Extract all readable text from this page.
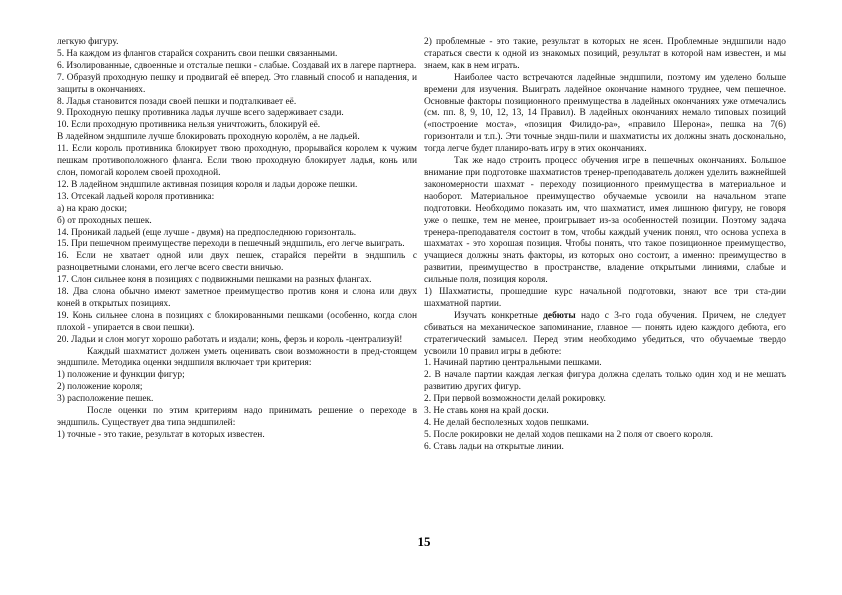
легкую фигуру.

5. На каждом из флангов старайся сохранить свои пешки связанными.

6. Изолированные, сдвоенные и отсталые пешки - слабые. Создавай их в лагере партнера.

7. Образуй проходную пешку и продвигай её вперед. Это главный способ и нападения, и защиты в окончаниях.

8. Ладья становится позади своей пешки и подталкивает её.

9. Проходную пешку противника ладья лучше всего задерживает сзади.

10. Если проходную противника нельзя уничтожить, блокируй её.

В ладейном эндшпиле лучше блокировать проходную королём, а не ладьей.

11. Если король противника блокирует твою проходную, прорывайся королем к чужим пешкам противоположного фланга. Если твою проходную блокирует ладья, конь или слон, помогай королем своей проходной.

12. В ладейном эндшпиле активная позиция короля и ладьи дороже пешки.

13. Отсекай ладьей короля противника:

а) на краю доски;

б) от проходных пешек.

14. Проникай ладьей (еще лучше - двумя) на предпоследнюю горизонталь.

15. При пешечном преимуществе переходи в пешечный эндшпиль, его легче выиграть.

16. Если не хватает одной или двух пешек, старайся перейти в эндшпиль с разноцветными слонами, его легче всего свести вничью.

17. Слон сильнее коня в позициях с подвижными пешками на разных флангах.

18. Два слона обычно имеют заметное преимущество против коня и слона или двух коней в открытых позициях.

19. Конь сильнее слона в позициях с блокированными пешками (особенно, когда слон плохой - упирается в свои пешки).

20. Ладьи и слон могут хорошо работать и издали; конь, ферзь и король -централизуй!

Каждый шахматист должен уметь оценивать свои возможности в пред-стоящем эндшпиле. Методика оценки эндшпиля включает три критерия:

1) положение и функции фигур;

2) положение короля;

3) расположение пешек.

После оценки по этим критериям надо принимать решение о переходе в эндшпиль. Существует два типа эндшпилей:

1) точные - это такие, результат в которых известен.

2) проблемные - это такие, результат в которых не ясен. Проблемные эндшпили надо стараться свести к одной из знакомых позиций, результат в которой нам известен, и мы знаем, как в нем играть.

Наиболее часто встречаются ладейные эндшпили, поэтому им уделено больше времени для изучения. Выиграть ладейное окончание намного труднее, чем пешечное. Основные факторы позиционного преимущества в ладейных окончаниях уже отмечались (см. пп. 8, 9, 10, 12, 13, 14 Правил). В ладейных окончаниях немало типовых позиций («построение моста», «позиция Филидо-ра», «правило Шерона», пешка на 7(6) горизонтали и т.п.). Эти точные эндш-пили и шахматисты их должны знать досконально, тогда легче будет планиро-вать игру в этих окончаниях.

Так же надо строить процесс обучения игре в пешечных окончаниях. Большое внимание при подготовке шахматистов тренер-преподаватель должен уделить важнейшей закономерности шахмат - переходу позиционного преимущества в материальное и наоборот. Материальное преимущество обучаемые усвоили на начальном этапе подготовки. Необходимо показать им, что шахматист, имея лишнюю фигуру, не говоря уже о пешке, тем не менее, проигрывает из-за особенностей позиции. Поэтому задача тренера-преподавателя состоит в том, чтобы каждый ученик понял, что основа успеха в шахматах - это хорошая позиция. Чтобы понять, что такое позиционное преимущество, учащиеся должны знать факторы, из которых оно состоит, а именно: преимущество в развитии, преимущество в пространстве, владение открытыми линиями, слабые и сильные поля, позиция короля.

1) Шахматисты, прошедшие курс начальной подготовки, знают все три ста-дии шахматной партии.

Изучать конкретные дебюты надо с 3-го года обучения. Причем, не следует сбиваться на механическое запоминание, главное — понять идею каждого дебюта, его стратегический замысел. Перед этим необходимо убедиться, что обучаемые твердо усвоили 10 правил игры в дебюте:

1. Начинай партию центральными пешками.

2. В начале партии каждая легкая фигура должна сделать только один ход и не мешать развитию других фигур.

2. При первой возможности делай рокировку.

3. Не ставь коня на край доски.

4. Не делай бесполезных ходов пешками.

5. После рокировки не делай ходов пешками на 2 поля от своего короля.

6. Ставь ладьи на открытые линии.

15
